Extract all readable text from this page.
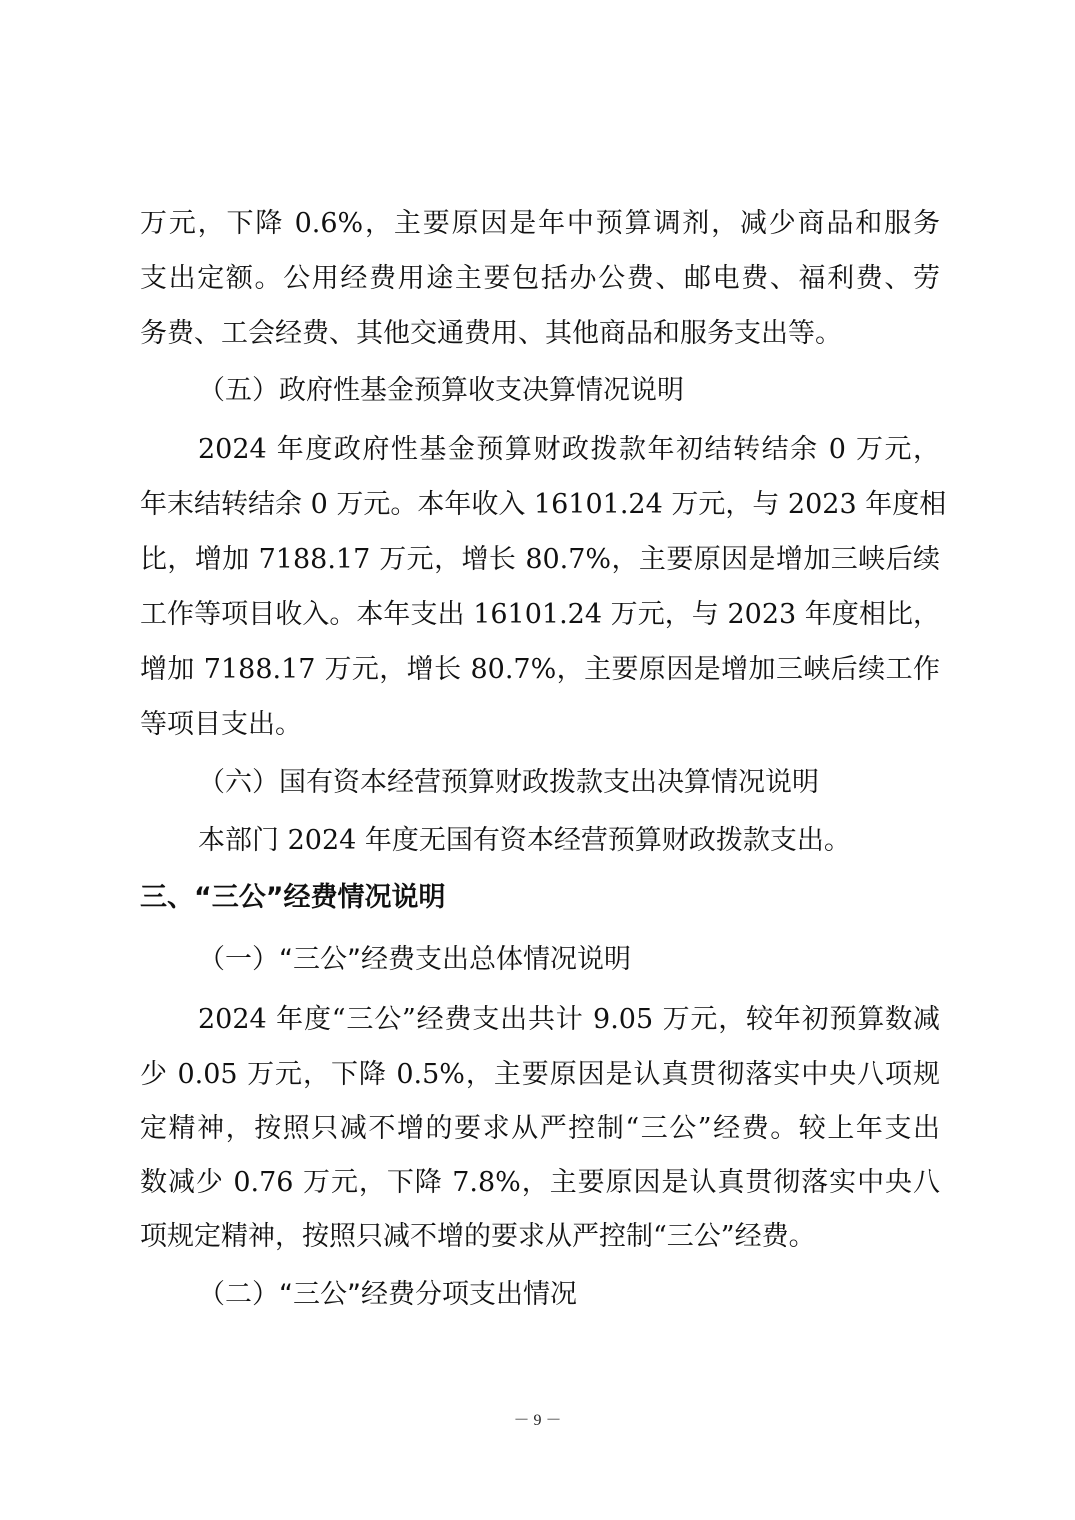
万元，下降 0.6%，主要原因是年中预算调剂，减少商品和服务
支出定额。公用经费用途主要包括办公费、邮电费、福利费、劳
务费、工会经费、其他交通费用、其他商品和服务支出等。
（五）政府性基金预算收支决算情况说明
2024 年度政府性基金预算财政拨款年初结转结余 0 万元，
年末结转结余 0 万元。本年收入 16101.24 万元，与 2023 年度相
比，增加 7188.17 万元，增长 80.7%，主要原因是增加三峡后续
工作等项目收入。本年支出 16101.24 万元，与 2023 年度相比，
增加 7188.17 万元，增长 80.7%，主要原因是增加三峡后续工作
等项目支出。
（六）国有资本经营预算财政拨款支出决算情况说明
本部门 2024 年度无国有资本经营预算财政拨款支出。
三、“三公”经费情况说明
（一）“三公”经费支出总体情况说明
2024 年度“三公”经费支出共计 9.05 万元，较年初预算数减
少 0.05 万元，下降 0.5%，主要原因是认真贯彻落实中央八项规
定精神，按照只减不增的要求从严控制“三公”经费。较上年支出
数减少 0.76 万元，下降 7.8%，主要原因是认真贯彻落实中央八
项规定精神，按照只减不增的要求从严控制“三公”经费。
（二）“三公”经费分项支出情况
－ 9 －
